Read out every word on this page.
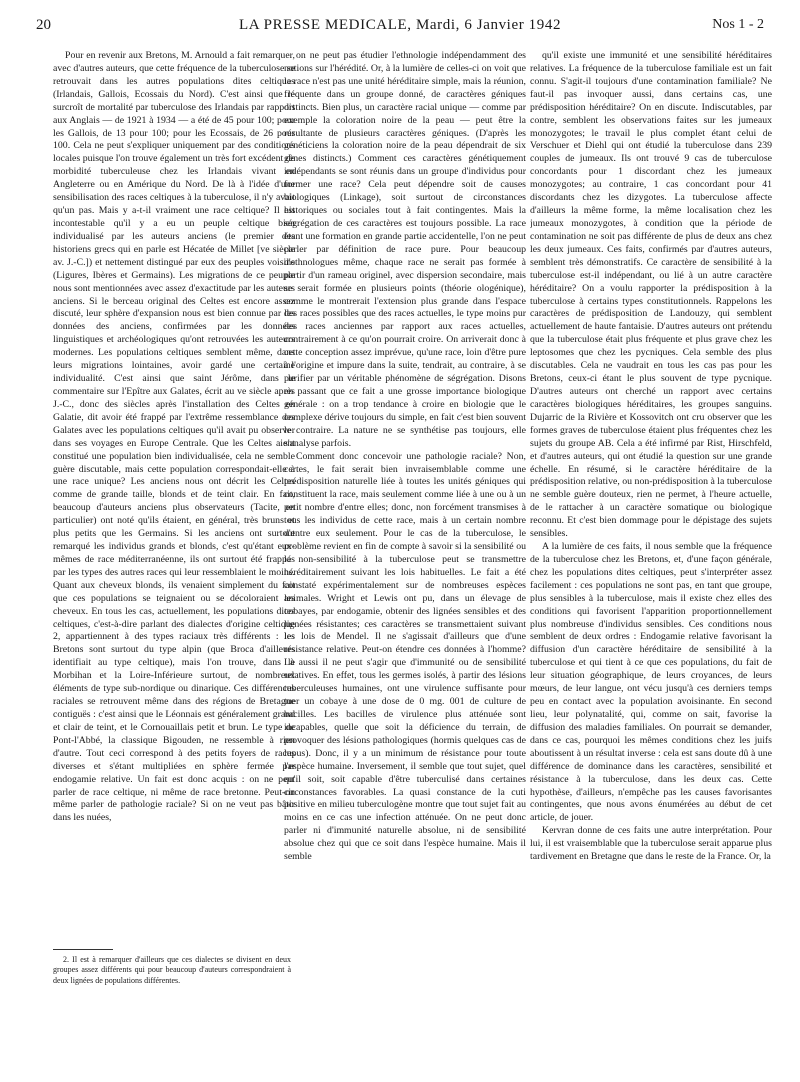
20	LA PRESSE MEDICALE, Mardi, 6 Janvier 1942	Nos 1 - 2

Pour en revenir aux Bretons, M. Arnould a fait remarquer, avec d'autres auteurs, que cette fréquence de la tuberculose se retrouvait dans les autres populations dites celtiques (Irlandais, Gallois, Ecossais du Nord). C'est ainsi que le surcroît de mortalité par tuberculose des Irlandais par rapport aux Anglais — de 1921 à 1934 — a été de 45 pour 100; pour les Gallois, de 13 pour 100; pour les Ecossais, de 26 pour 100. Cela ne peut s'expliquer uniquement par des conditions locales puisque l'on trouve également un très fort excédent de morbidité tuberculeuse chez les Irlandais vivant en Angleterre ou en Amérique du Nord. De là à l'idée d'une sensibilisation des races celtiques à la tuberculose, il n'y avait qu'un pas. Mais y a-t-il vraiment une race celtique? Il est incontestable qu'il y a eu un peuple celtique bien individualisé par les auteurs anciens (le premier des historiens grecs qui en parle est Hécatée de Millet [ve siècle av. J.-C.]) et nettement distingué par eux des peuples voisins (Ligures, Ibères et Germains). Les migrations de ce peuple nous sont mentionnées avec assez d'exactitude par les auteurs anciens. Si le berceau original des Celtes est encore assez discuté, leur sphère d'expansion nous est bien connue par les données des anciens, confirmées par les données linguistiques et archéologiques qu'ont retrouvées les auteurs modernes. Les populations celtiques semblent même, dans leurs migrations lointaines, avoir gardé une certaine individualité. C'est ainsi que saint Jérôme, dans le commentaire sur l'Epître aux Galates, écrit au ve siècle après J.-C., donc des siècles après l'installation des Celtes en Galatie, dit avoir été frappé par l'extrême ressemblance des Galates avec les populations celtiques qu'il avait pu observer dans ses voyages en Europe Centrale. Que les Celtes aient constitué une population bien individualisée, cela ne semble guère discutable, mais cette population correspondait-elle à une race unique? Les anciens nous ont décrit les Celtes comme de grande taille, blonds et de teint clair. En fait, beaucoup d'auteurs anciens plus observateurs (Tacite, en particulier) ont noté qu'ils étaient, en général, très bruns et plus petits que les Germains. Si les anciens ont surtout remarqué les individus grands et blonds, c'est qu'étant eux-mêmes de race méditerranéenne, ils ont surtout été frappés par les types des autres races qui leur ressemblaient le moins. Quant aux cheveux blonds, ils venaient simplement du fait que ces populations se teignaient ou se décoloraient les cheveux. En tous les cas, actuellement, les populations dites celtiques, c'est-à-dire parlant des dialectes d'origine celtique 2, appartiennent à des types raciaux très différents : les Bretons sont surtout du type alpin (que Broca d'ailleurs identifiait au type celtique), mais l'on trouve, dans le Morbihan et la Loire-Inférieure surtout, de nombreux éléments de type sub-nordique ou dinarique. Ces différences raciales se retrouvent même dans des régions de Bretagne contiguës : c'est ainsi que le Léonnais est généralement grand et clair de teint, et le Cornouaillais petit et brun. Le type de Pont-l'Abbé, la classique Bigouden, ne ressemble à rien d'autre. Tout ceci correspond à des petits foyers de races diverses et s'étant multipliées en sphère fermée par endogamie relative. Un fait est donc acquis : on ne peut parler de race celtique, ni même de race bretonne. Peut-on même parler de pathologie raciale? Si on ne veut pas bâtir dans les nuées,

2. Il est à remarquer d'ailleurs que ces dialectes se divisent en deux groupes assez différents qui pour beaucoup d'auteurs correspondraient à deux lignées de populations différentes.

on ne peut pas étudier l'ethnologie indépendamment des notions sur l'hérédité. Or, à la lumière de celles-ci on voit que la race n'est pas une unité héréditaire simple, mais la réunion, fréquente dans un groupe donné, de caractères géniques distincts. Bien plus, un caractère racial unique — comme par exemple la coloration noire de la peau — peut être la résultante de plusieurs caractères géniques. (D'après les généticiens la coloration noire de la peau dépendrait de six gènes distincts.) Comment ces caractères génétiquement indépendants se sont réunis dans un groupe d'individus pour former une race? Cela peut dépendre soit de causes biologiques (Linkage), soit surtout de circonstances historiques ou sociales tout à fait contingentes. Mais la ségrégation de ces caractères est toujours possible. La race étant une formation en grande partie accidentelle, l'on ne peut parler par définition de race pure. Pour beaucoup d'ethnologues même, chaque race ne serait pas formée à partir d'un rameau originel, avec dispersion secondaire, mais se serait formée en plusieurs points (théorie ologénique), comme le montrerait l'extension plus grande dans l'espace des races possibles que des races actuelles, le type moins pur des races anciennes par rapport aux races actuelles, contrairement à ce qu'on pourrait croire. On arriverait donc à cette conception assez imprévue, qu'une race, loin d'être pure à l'origine et impure dans la suite, tendrait, au contraire, à se purifier par un véritable phénomène de ségrégation. Disons en passant que ce fait a une grosse importance biologique générale : on a trop tendance à croire en biologie que le complexe dérive toujours du simple, en fait c'est bien souvent le contraire. La nature ne se synthétise pas toujours, elle s'analyse parfois.

Comment donc concevoir une pathologie raciale? Non, certes, le fait serait bien invraisemblable comme une prédisposition naturelle liée à toutes les unités géniques qui constituent la race, mais seulement comme liée à une ou à un petit nombre d'entre elles; donc, non forcément transmises à tous les individus de cette race, mais à un certain nombre d'entre eux seulement. Pour le cas de la tuberculose, le problème revient en fin de compte à savoir si la sensibilité ou la non-sensibilité à la tuberculose peut se transmettre héréditairement suivant les lois habituelles. Le fait a été constaté expérimentalement sur de nombreuses espèces animales. Wright et Lewis ont pu, dans un élevage de cobayes, par endogamie, obtenir des lignées sensibles et des lignées résistantes; ces caractères se transmettaient suivant les lois de Mendel. Il ne s'agissait d'ailleurs que d'une résistance relative. Peut-on étendre ces données à l'homme? Là aussi il ne peut s'agir que d'immunité ou de sensibilité relatives. En effet, tous les germes isolés, à partir des lésions tuberculeuses humaines, ont une virulence suffisante pour tuer un cobaye à une dose de 0 mg. 001 de culture de bacilles. Les bacilles de virulence plus atténuée sont incapables, quelle que soit la déficience du terrain, de provoquer des lésions pathologiques (hormis quelques cas de lupus). Donc, il y a un minimum de résistance pour toute l'espèce humaine. Inversement, il semble que tout sujet, quel qu'il soit, soit capable d'être tuberculisé dans certaines circonstances favorables. La quasi constance de la cuti positive en milieu tuberculogène montre que tout sujet fait au moins en ce cas une infection atténuée. On ne peut donc parler ni d'immunité naturelle absolue, ni de sensibilité absolue chez qui que ce soit dans l'espèce humaine. Mais il semble

qu'il existe une immunité et une sensibilité héréditaires relatives. La fréquence de la tuberculose familiale est un fait connu. S'agit-il toujours d'une contamination familiale? Ne faut-il pas invoquer aussi, dans certains cas, une prédisposition héréditaire? On en discute. Indiscutables, par contre, semblent les observations faites sur les jumeaux monozygotes; le travail le plus complet étant celui de Verschuer et Diehl qui ont étudié la tuberculose dans 239 couples de jumeaux. Ils ont trouvé 9 cas de tuberculose concordants pour 1 discordant chez les jumeaux monozygotes; au contraire, 1 cas concordant pour 41 discordants chez les dizygotes. La tuberculose affecte d'ailleurs la même forme, la même localisation chez les jumeaux monozygotes, à condition que la période de contamination ne soit pas différente de plus de deux ans chez les deux jumeaux. Ces faits, confirmés par d'autres auteurs, semblent très démonstratifs. Ce caractère de sensibilité à la tuberculose est-il indépendant, ou lié à un autre caractère héréditaire? On a voulu rapporter la prédisposition à la tuberculose à certains types constitutionnels. Rappelons les caractères de prédisposition de Landouzy, qui semblent actuellement de haute fantaisie. D'autres auteurs ont prétendu que la tuberculose était plus fréquente et plus grave chez les leptosomes que chez les pycniques. Cela semble des plus discutables. Cela ne vaudrait en tous les cas pas pour les Bretons, ceux-ci étant le plus souvent de type pycnique. D'autres auteurs ont cherché un rapport avec certains caractères biologiques héréditaires, les groupes sanguins. Dujarric de la Rivière et Kossovitch ont cru observer que les formes graves de tuberculose étaient plus fréquentes chez les sujets du groupe AB. Cela a été infirmé par Rist, Hirschfeld, et d'autres auteurs, qui ont étudié la question sur une grande échelle. En résumé, si le caractère héréditaire de la prédisposition relative, ou non-prédisposition à la tuberculose ne semble guère douteux, rien ne permet, à l'heure actuelle, de le rattacher à un caractère somatique ou biologique reconnu. Et c'est bien dommage pour le dépistage des sujets sensibles.

A la lumière de ces faits, il nous semble que la fréquence de la tuberculose chez les Bretons, et, d'une façon générale, chez les populations dites celtiques, peut s'interpréter assez facilement : ces populations ne sont pas, en tant que groupe, plus sensibles à la tuberculose, mais il existe chez elles des conditions qui favorisent l'apparition proportionnellement plus nombreuse d'individus sensibles. Ces conditions nous semblent de deux ordres : Endogamie relative favorisant la diffusion d'un caractère héréditaire de sensibilité à la tuberculose et qui tient à ce que ces populations, du fait de leur situation géographique, de leurs croyances, de leurs mœurs, de leur langue, ont vécu jusqu'à ces derniers temps peu en contact avec la population avoisinante. En second lieu, leur polynatalité, qui, comme on sait, favorise la diffusion des maladies familiales. On pourrait se demander, dans ce cas, pourquoi les mêmes conditions chez les juifs aboutissent à un résultat inverse : cela est sans doute dû à une différence de dominance dans les caractères, sensibilité et résistance à la tuberculose, dans les deux cas. Cette hypothèse, d'ailleurs, n'empêche pas les causes favorisantes contingentes, que nous avons énumérées au début de cet article, de jouer.

Kervran donne de ces faits une autre interprétation. Pour lui, il est vraisemblable que la tuberculose serait apparue plus tardivement en Bretagne que dans le reste de la France. Or, la
